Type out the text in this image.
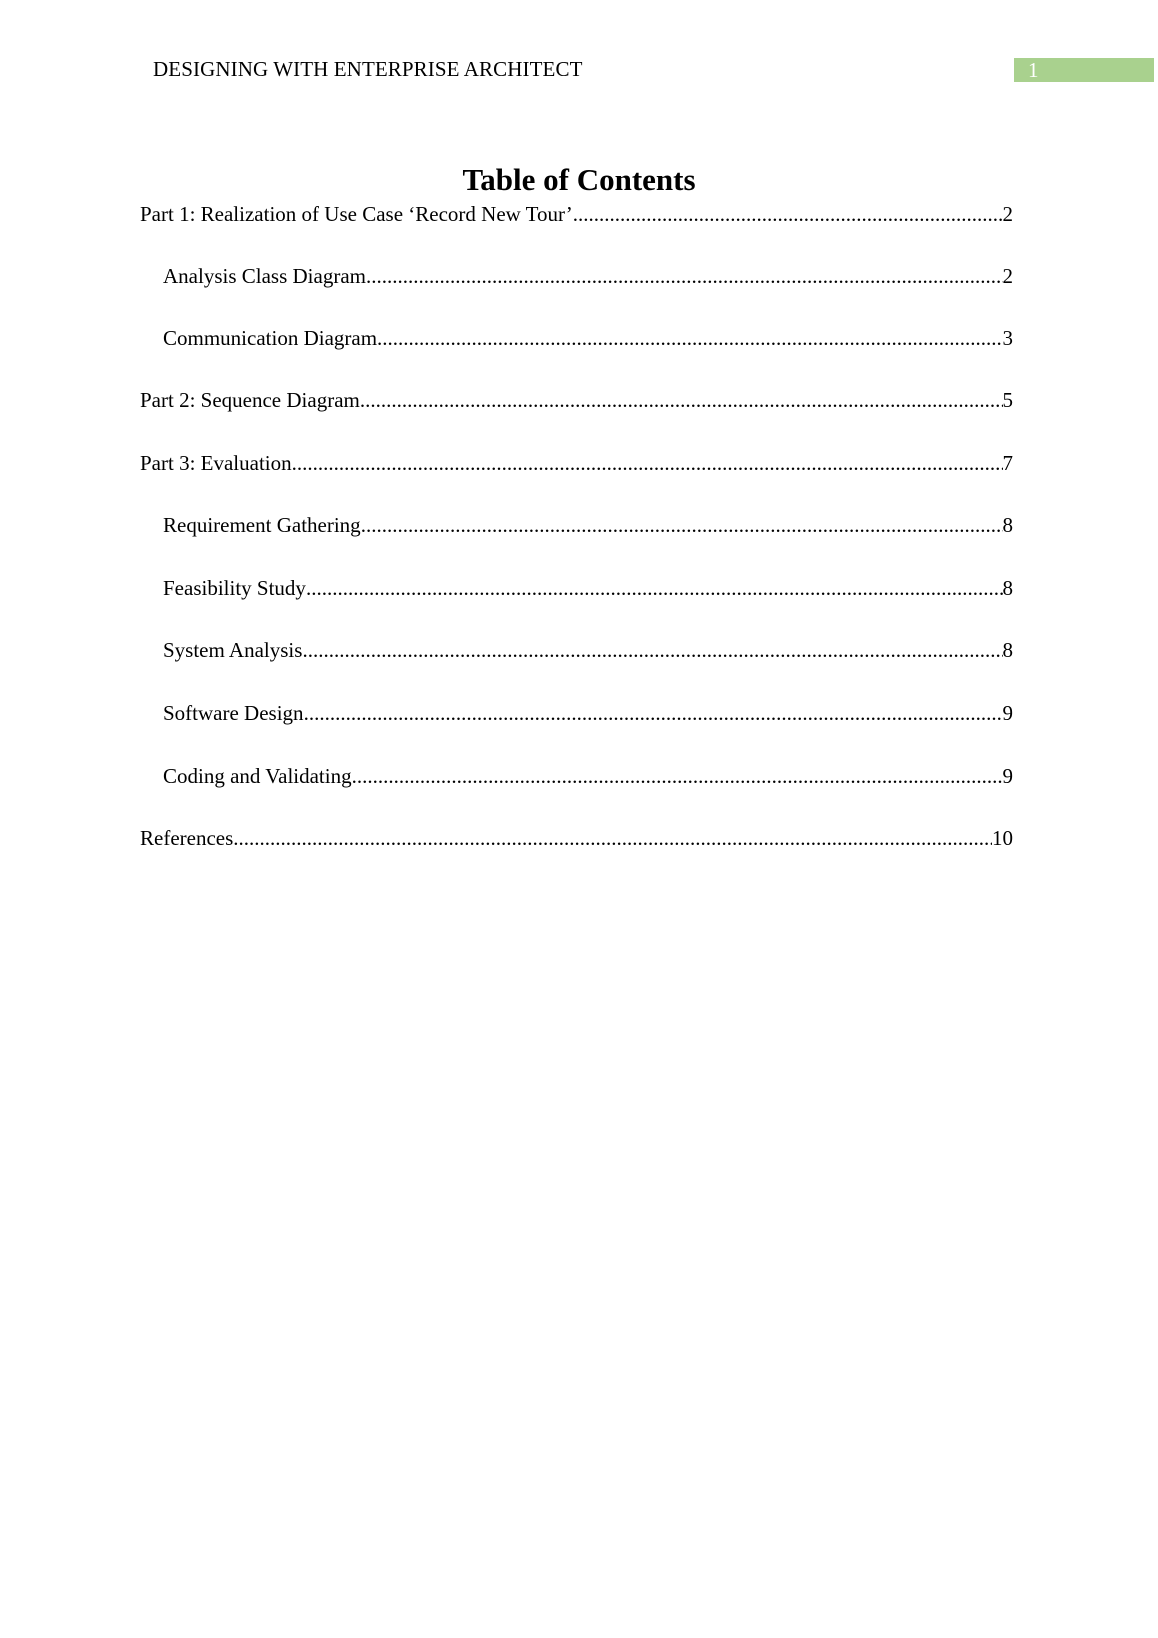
DESIGNING WITH ENTERPRISE ARCHITECT	1
Table of Contents
Part 1: Realization of Use Case ‘Record New Tour’ .....	2
Analysis Class Diagram .....	2
Communication Diagram .....	3
Part 2: Sequence Diagram .....	5
Part 3: Evaluation .....	7
Requirement Gathering .....	8
Feasibility Study .....	8
System Analysis .....	8
Software Design .....	9
Coding and Validating .....	9
References .....	10
